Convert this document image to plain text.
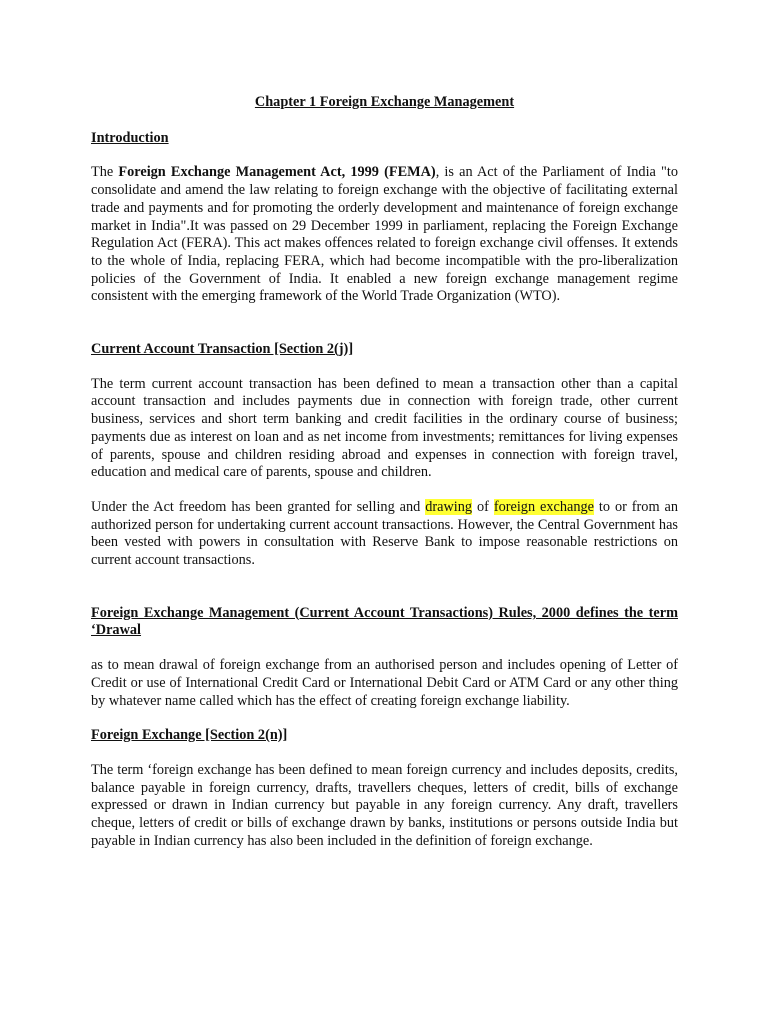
Chapter 1 Foreign Exchange Management

Introduction

The Foreign Exchange Management Act, 1999 (FEMA), is an Act of the Parliament of India "to consolidate and amend the law relating to foreign exchange with the objective of facilitating external trade and payments and for promoting the orderly development and maintenance of foreign exchange market in India".It was passed on 29 December 1999 in parliament, replacing the Foreign Exchange Regulation Act (FERA). This act makes offences related to foreign exchange civil offenses. It extends to the whole of India, replacing FERA, which had become incompatible with the pro-liberalization policies of the Government of India. It enabled a new foreign exchange management regime consistent with the emerging framework of the World Trade Organization (WTO).

Current Account Transaction [Section 2(j)]

The term current account transaction has been defined to mean a transaction other than a capital account transaction and includes payments due in connection with foreign trade, other current business, services and short term banking and credit facilities in the ordinary course of business; payments due as interest on loan and as net income from investments; remittances for living expenses of parents, spouse and children residing abroad and expenses in connection with foreign travel, education and medical care of parents, spouse and children.

Under the Act freedom has been granted for selling and drawing of foreign exchange to or from an authorized person for undertaking current account transactions. However, the Central Government has been vested with powers in consultation with Reserve Bank to impose reasonable restrictions on current account transactions.

Foreign Exchange Management (Current Account Transactions) Rules, 2000 defines the term ‘Drawal

as to mean drawal of foreign exchange from an authorised person and includes opening of Letter of Credit or use of International Credit Card or International Debit Card or ATM Card or any other thing by whatever name called which has the effect of creating foreign exchange liability.

Foreign Exchange [Section 2(n)]

The term ‘foreign exchange has been defined to mean foreign currency and includes deposits, credits, balance payable in foreign currency, drafts, travellers cheques, letters of credit, bills of exchange expressed or drawn in Indian currency but payable in any foreign currency. Any draft, travellers cheque, letters of credit or bills of exchange drawn by banks, institutions or persons outside India but payable in Indian currency has also been included in the definition of foreign exchange.
